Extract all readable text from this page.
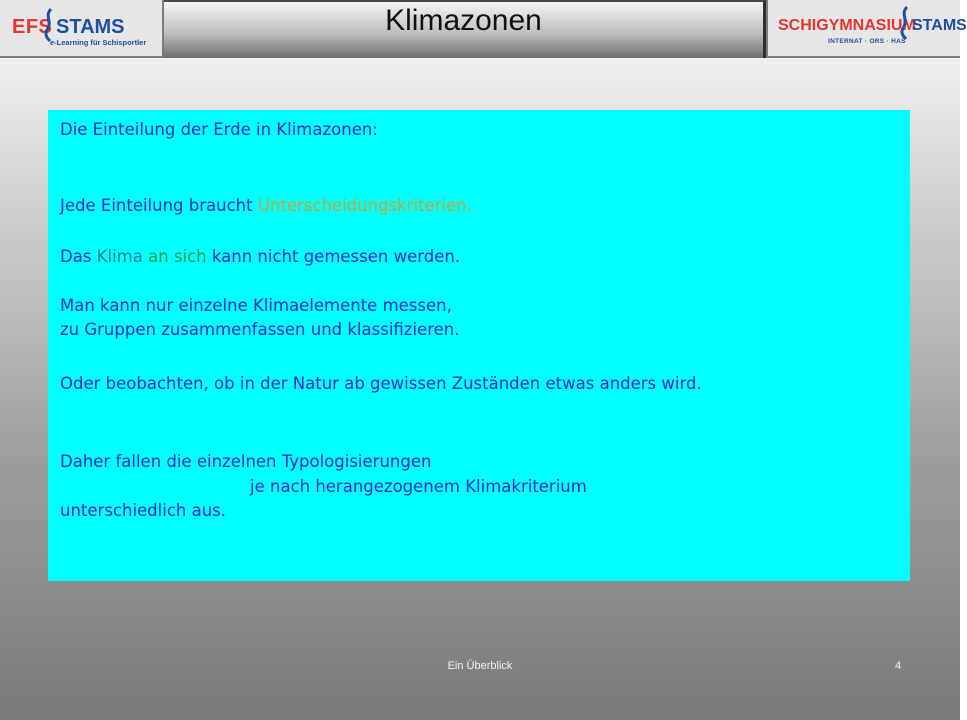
EFS STAMS
e-Learning für Schisportler
Klimazonen	SCHIGYMNASIUM
STAMS
INTERNAT · ORS · HAS
Die Einteilung der Erde in Klimazonen:
Jede Einteilung braucht Unterscheidungskriterien.
Das Klima an sich kann nicht gemessen werden.
Man kann nur einzelne Klimaelemente messen,
zu Gruppen zusammenfassen und klassifizieren.
Oder beobachten, ob in der Natur ab gewissen Zuständen etwas anders wird.
Daher fallen die einzelnen Typologisierungen
je nach herangezogenem Klimakriterium
unterschiedlich aus.
Ein Überblick	4
